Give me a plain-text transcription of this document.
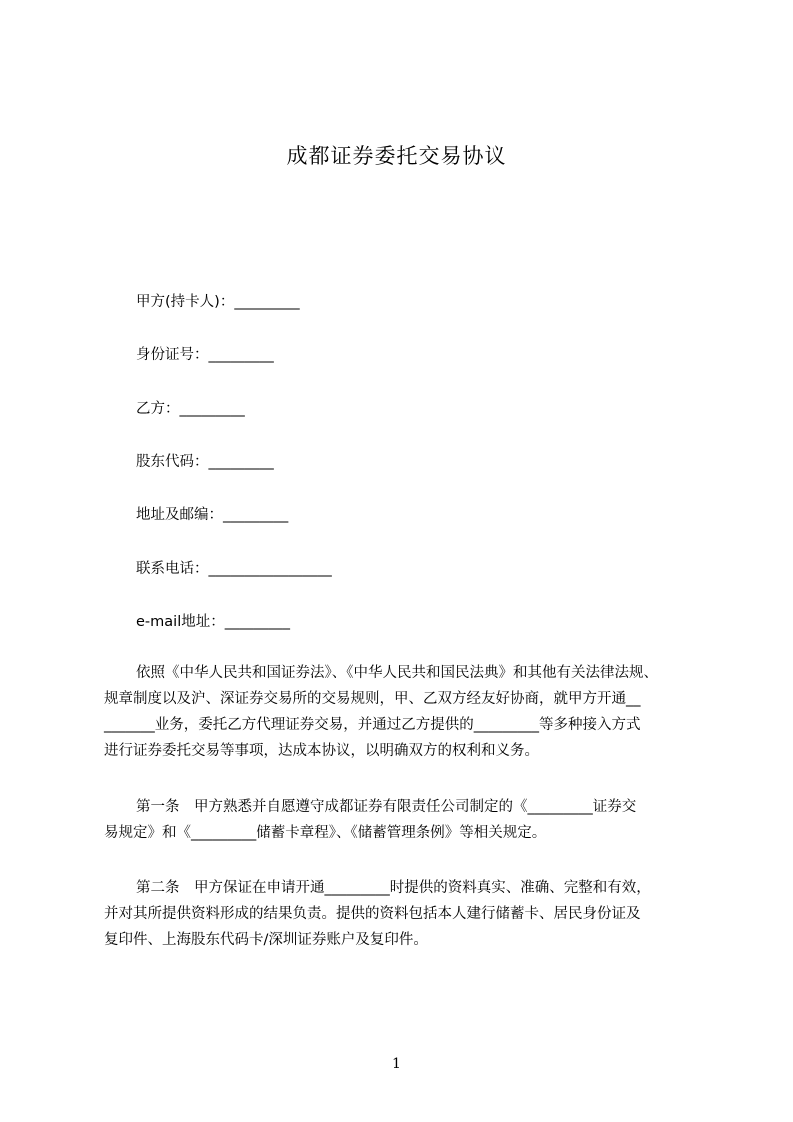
成都证券委托交易协议
甲方(持卡人)：_________
身份证号：_________
乙方：_________
股东代码：_________
地址及邮编：_________
联系电话：_________________
e-mail地址：_________
依照《中华人民共和国证券法》、《中华人民共和国民法典》和其他有关法律法规、
规章制度以及沪、深证券交易所的交易规则，甲、乙双方经友好协商，就甲方开通__
_______业务，委托乙方代理证券交易，并通过乙方提供的_________等多种接入方式
进行证券委托交易等事项，达成本协议，以明确双方的权利和义务。
第一条　甲方熟悉并自愿遵守成都证券有限责任公司制定的《_________证券交
易规定》和《_________储蓄卡章程》、《储蓄管理条例》等相关规定。
第二条　甲方保证在申请开通_________时提供的资料真实、准确、完整和有效，
并对其所提供资料形成的结果负责。提供的资料包括本人建行储蓄卡、居民身份证及
复印件、上海股东代码卡/深圳证券账户及复印件。
1
